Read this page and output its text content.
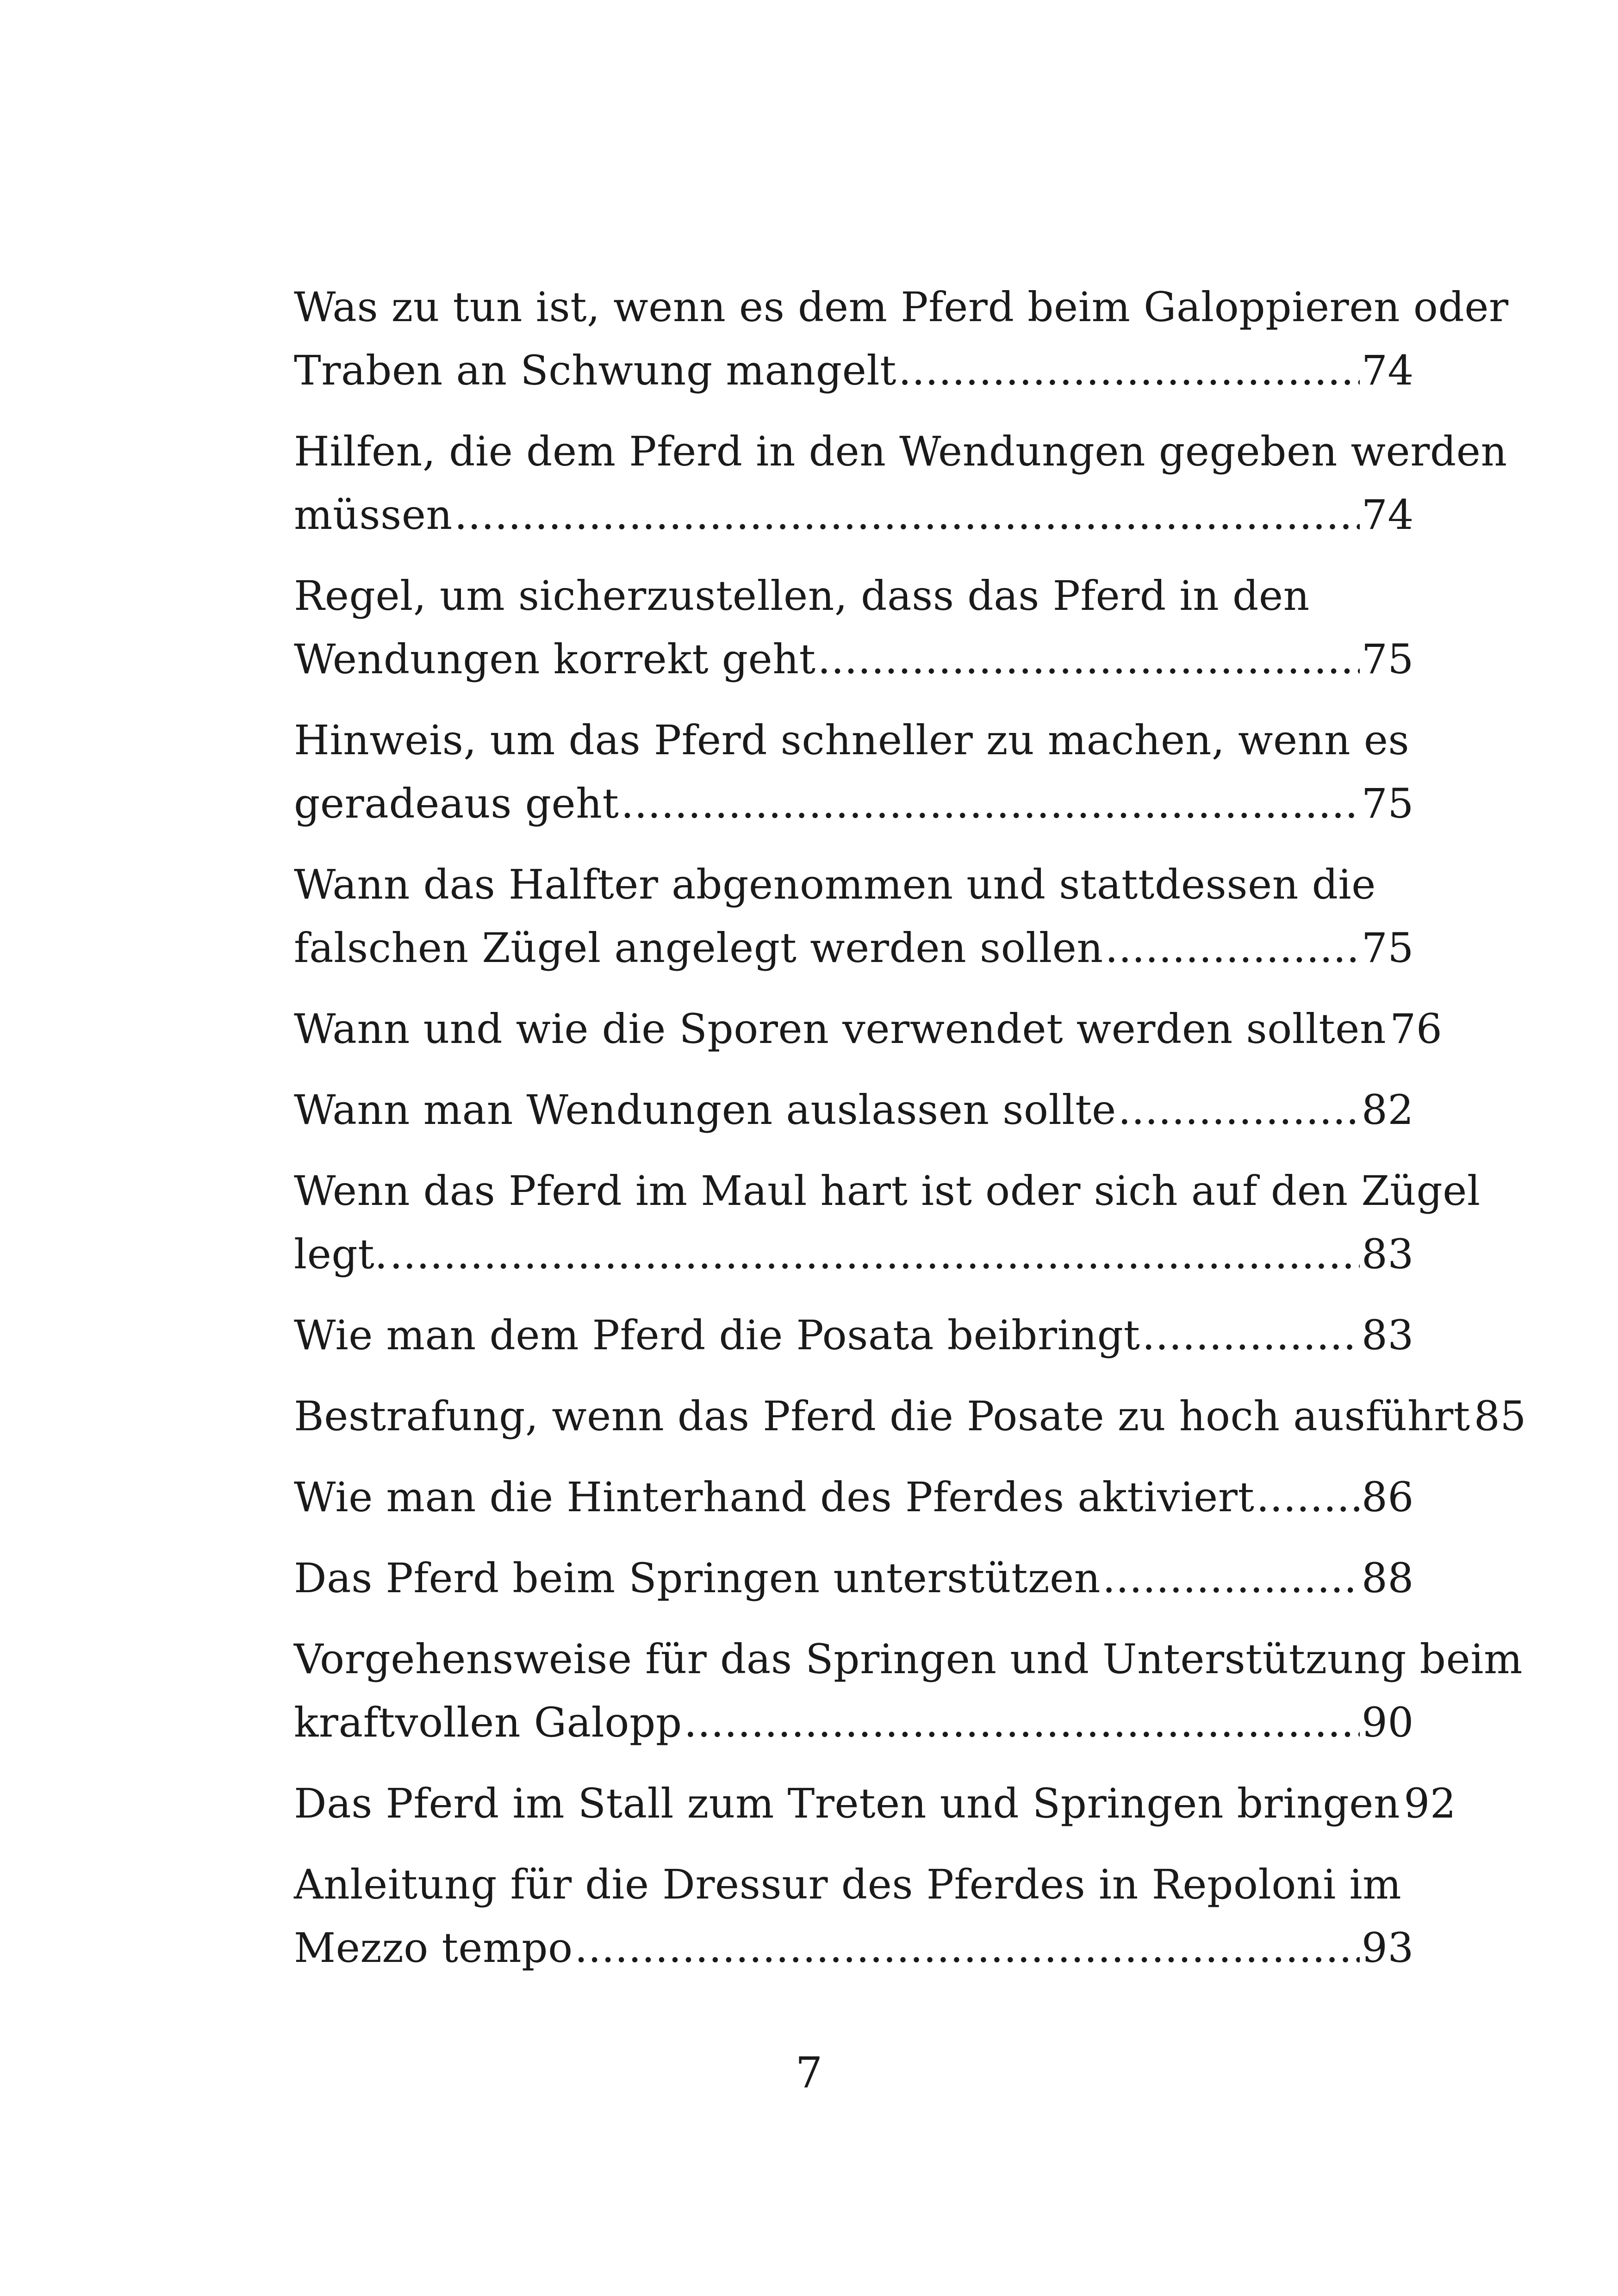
Was zu tun ist, wenn es dem Pferd beim Galoppieren oder
Traben an Schwung mangelt .....	74
Hilfen, die dem Pferd in den Wendungen gegeben werden
müssen .....	74
Regel, um sicherzustellen, dass das Pferd in den
Wendungen korrekt geht .....	75
Hinweis, um das Pferd schneller zu machen, wenn es
geradeaus geht .....	75
Wann das Halfter abgenommen und stattdessen die
falschen Zügel angelegt werden sollen .....	75
Wann und wie die Sporen verwendet werden sollten 76
Wann man Wendungen auslassen sollte .....	82
Wenn das Pferd im Maul hart ist oder sich auf den Zügel
legt. .....	83
Wie man dem Pferd die Posata beibringt .....	83
Bestrafung, wenn das Pferd die Posate zu hoch ausführt 85
Wie man die Hinterhand des Pferdes aktiviert .....	86
Das Pferd beim Springen unterstützen .....	88
Vorgehensweise für das Springen und Unterstützung beim
kraftvollen Galopp .....	90
Das Pferd im Stall zum Treten und Springen bringen 92
Anleitung für die Dressur des Pferdes in Repoloni im
Mezzo tempo .....	93
7
